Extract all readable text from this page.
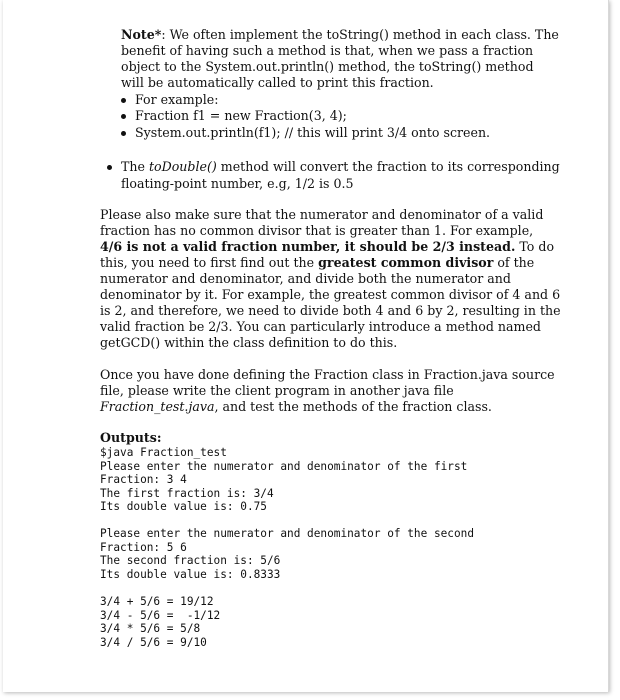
Note*: We often implement the toString() method in each class. The
benefit of having such a method is that, when we pass a fraction
object to the System.out.println() method, the toString() method
will be automatically called to print this fraction.
For example:
Fraction f1 = new Fraction(3, 4);
System.out.println(f1); // this will print 3/4 onto screen.
The toDouble() method will convert the fraction to its corresponding
floating-point number, e.g, 1/2 is 0.5
Please also make sure that the numerator and denominator of a valid
fraction has no common divisor that is greater than 1. For example,
4/6 is not a valid fraction number, it should be 2/3 instead. To do
this, you need to first find out the greatest common divisor of the
numerator and denominator, and divide both the numerator and
denominator by it. For example, the greatest common divisor of 4 and 6
is 2, and therefore, we need to divide both 4 and 6 by 2, resulting in the
valid fraction be 2/3. You can particularly introduce a method named
getGCD() within the class definition to do this.
Once you have done defining the Fraction class in Fraction.java source
file, please write the client program in another java file
Fraction_test.java, and test the methods of the fraction class.
Outputs:
$java Fraction_test
Please enter the numerator and denominator of the first
Fraction: 3 4
The first fraction is: 3/4
Its double value is: 0.75
Please enter the numerator and denominator of the second
Fraction: 5 6
The second fraction is: 5/6
Its double value is: 0.8333
3/4 + 5/6 = 19/12
3/4 - 5/6 =  -1/12
3/4 * 5/6 = 5/8
3/4 / 5/6 = 9/10
